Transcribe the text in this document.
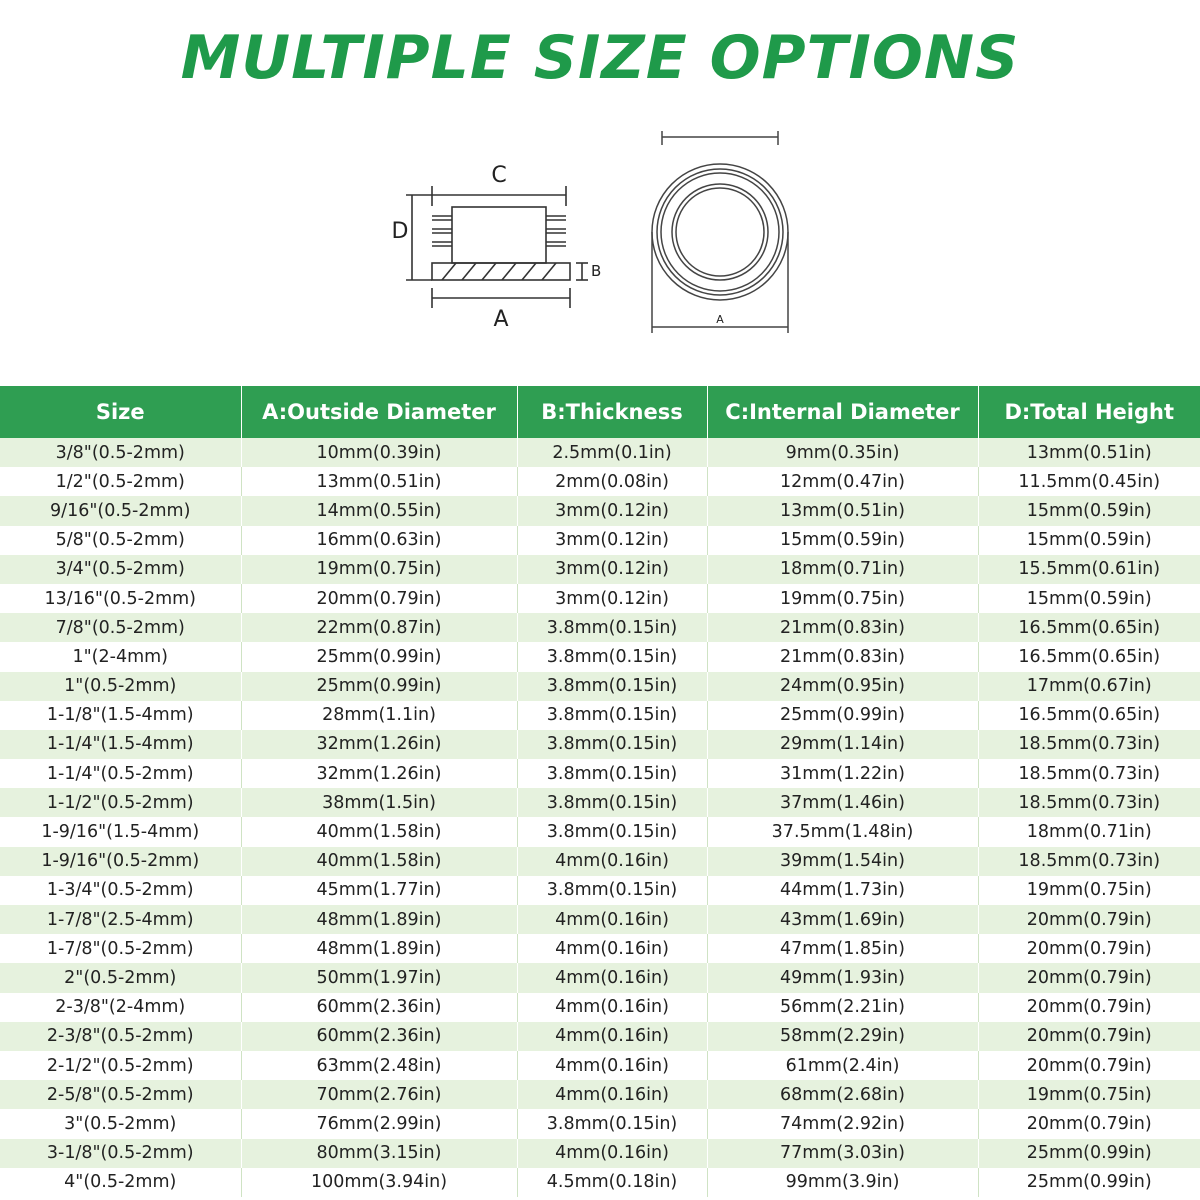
MULTIPLE SIZE OPTIONS
C
D
B
A	A
Size	A:Outside Diameter	B:Thickness	C:Internal Diameter	D:Total Height
3/8"(0.5-2mm)	10mm(0.39in)	2.5mm(0.1in)	9mm(0.35in)	13mm(0.51in)
1/2"(0.5-2mm)	13mm(0.51in)	2mm(0.08in)	12mm(0.47in)	11.5mm(0.45in)
9/16"(0.5-2mm)	14mm(0.55in)	3mm(0.12in)	13mm(0.51in)	15mm(0.59in)
5/8"(0.5-2mm)	16mm(0.63in)	3mm(0.12in)	15mm(0.59in)	15mm(0.59in)
3/4"(0.5-2mm)	19mm(0.75in)	3mm(0.12in)	18mm(0.71in)	15.5mm(0.61in)
13/16"(0.5-2mm)	20mm(0.79in)	3mm(0.12in)	19mm(0.75in)	15mm(0.59in)
7/8"(0.5-2mm)	22mm(0.87in)	3.8mm(0.15in)	21mm(0.83in)	16.5mm(0.65in)
1"(2-4mm)	25mm(0.99in)	3.8mm(0.15in)	21mm(0.83in)	16.5mm(0.65in)
1"(0.5-2mm)	25mm(0.99in)	3.8mm(0.15in)	24mm(0.95in)	17mm(0.67in)
1-1/8"(1.5-4mm)	28mm(1.1in)	3.8mm(0.15in)	25mm(0.99in)	16.5mm(0.65in)
1-1/4"(1.5-4mm)	32mm(1.26in)	3.8mm(0.15in)	29mm(1.14in)	18.5mm(0.73in)
1-1/4"(0.5-2mm)	32mm(1.26in)	3.8mm(0.15in)	31mm(1.22in)	18.5mm(0.73in)
1-1/2"(0.5-2mm)	38mm(1.5in)	3.8mm(0.15in)	37mm(1.46in)	18.5mm(0.73in)
1-9/16"(1.5-4mm)	40mm(1.58in)	3.8mm(0.15in)	37.5mm(1.48in)	18mm(0.71in)
1-9/16"(0.5-2mm)	40mm(1.58in)	4mm(0.16in)	39mm(1.54in)	18.5mm(0.73in)
1-3/4"(0.5-2mm)	45mm(1.77in)	3.8mm(0.15in)	44mm(1.73in)	19mm(0.75in)
1-7/8"(2.5-4mm)	48mm(1.89in)	4mm(0.16in)	43mm(1.69in)	20mm(0.79in)
1-7/8"(0.5-2mm)	48mm(1.89in)	4mm(0.16in)	47mm(1.85in)	20mm(0.79in)
2"(0.5-2mm)	50mm(1.97in)	4mm(0.16in)	49mm(1.93in)	20mm(0.79in)
2-3/8"(2-4mm)	60mm(2.36in)	4mm(0.16in)	56mm(2.21in)	20mm(0.79in)
2-3/8"(0.5-2mm)	60mm(2.36in)	4mm(0.16in)	58mm(2.29in)	20mm(0.79in)
2-1/2"(0.5-2mm)	63mm(2.48in)	4mm(0.16in)	61mm(2.4in)	20mm(0.79in)
2-5/8"(0.5-2mm)	70mm(2.76in)	4mm(0.16in)	68mm(2.68in)	19mm(0.75in)
3"(0.5-2mm)	76mm(2.99in)	3.8mm(0.15in)	74mm(2.92in)	20mm(0.79in)
3-1/8"(0.5-2mm)	80mm(3.15in)	4mm(0.16in)	77mm(3.03in)	25mm(0.99in)
4"(0.5-2mm)	100mm(3.94in)	4.5mm(0.18in)	99mm(3.9in)	25mm(0.99in)
